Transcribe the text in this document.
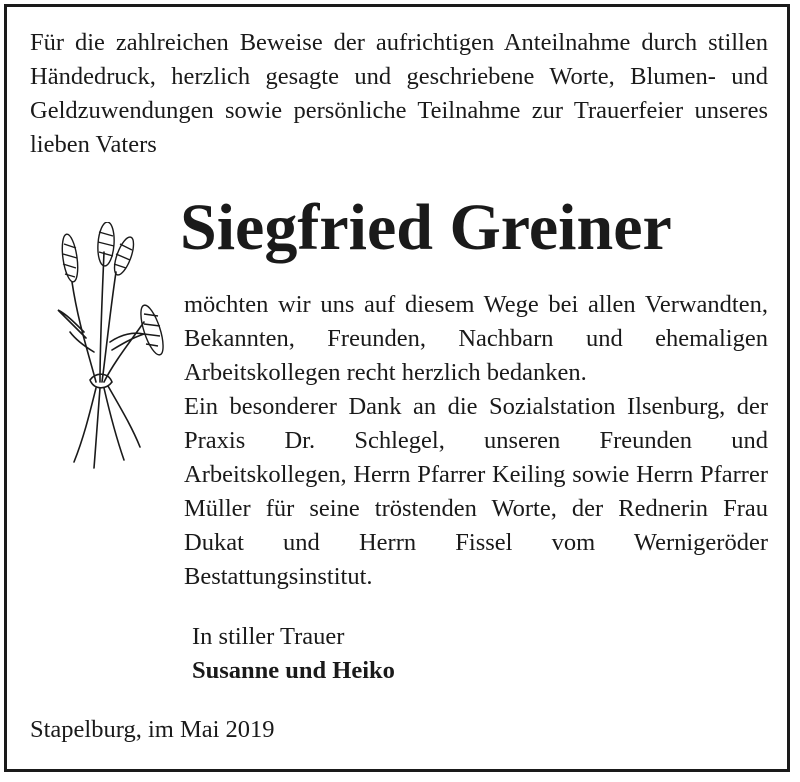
Für die zahlreichen Beweise der aufrichtigen Anteilnahme durch stillen Händedruck, herzlich gesagte und geschriebene Worte, Blumen- und Geldzuwendungen sowie persönliche Teilnahme zur Trauerfeier unseres lieben Vaters

Siegfried Greiner
möchten wir uns auf diesem Wege bei allen Verwandten, Bekannten, Freunden, Nachbarn und ehemaligen Arbeitskollegen recht herzlich bedanken.
Ein besonderer Dank an die Sozialstation Ilsenburg, der Praxis Dr. Schlegel, unseren Freunden und Arbeitskollegen, Herrn Pfarrer Keiling sowie Herrn Pfarrer Müller für seine tröstenden Worte, der Rednerin Frau Dukat und Herrn Fissel vom Wernigeröder Bestattungsinstitut.

In stiller Trauer

Susanne und Heiko

Stapelburg, im Mai 2019
